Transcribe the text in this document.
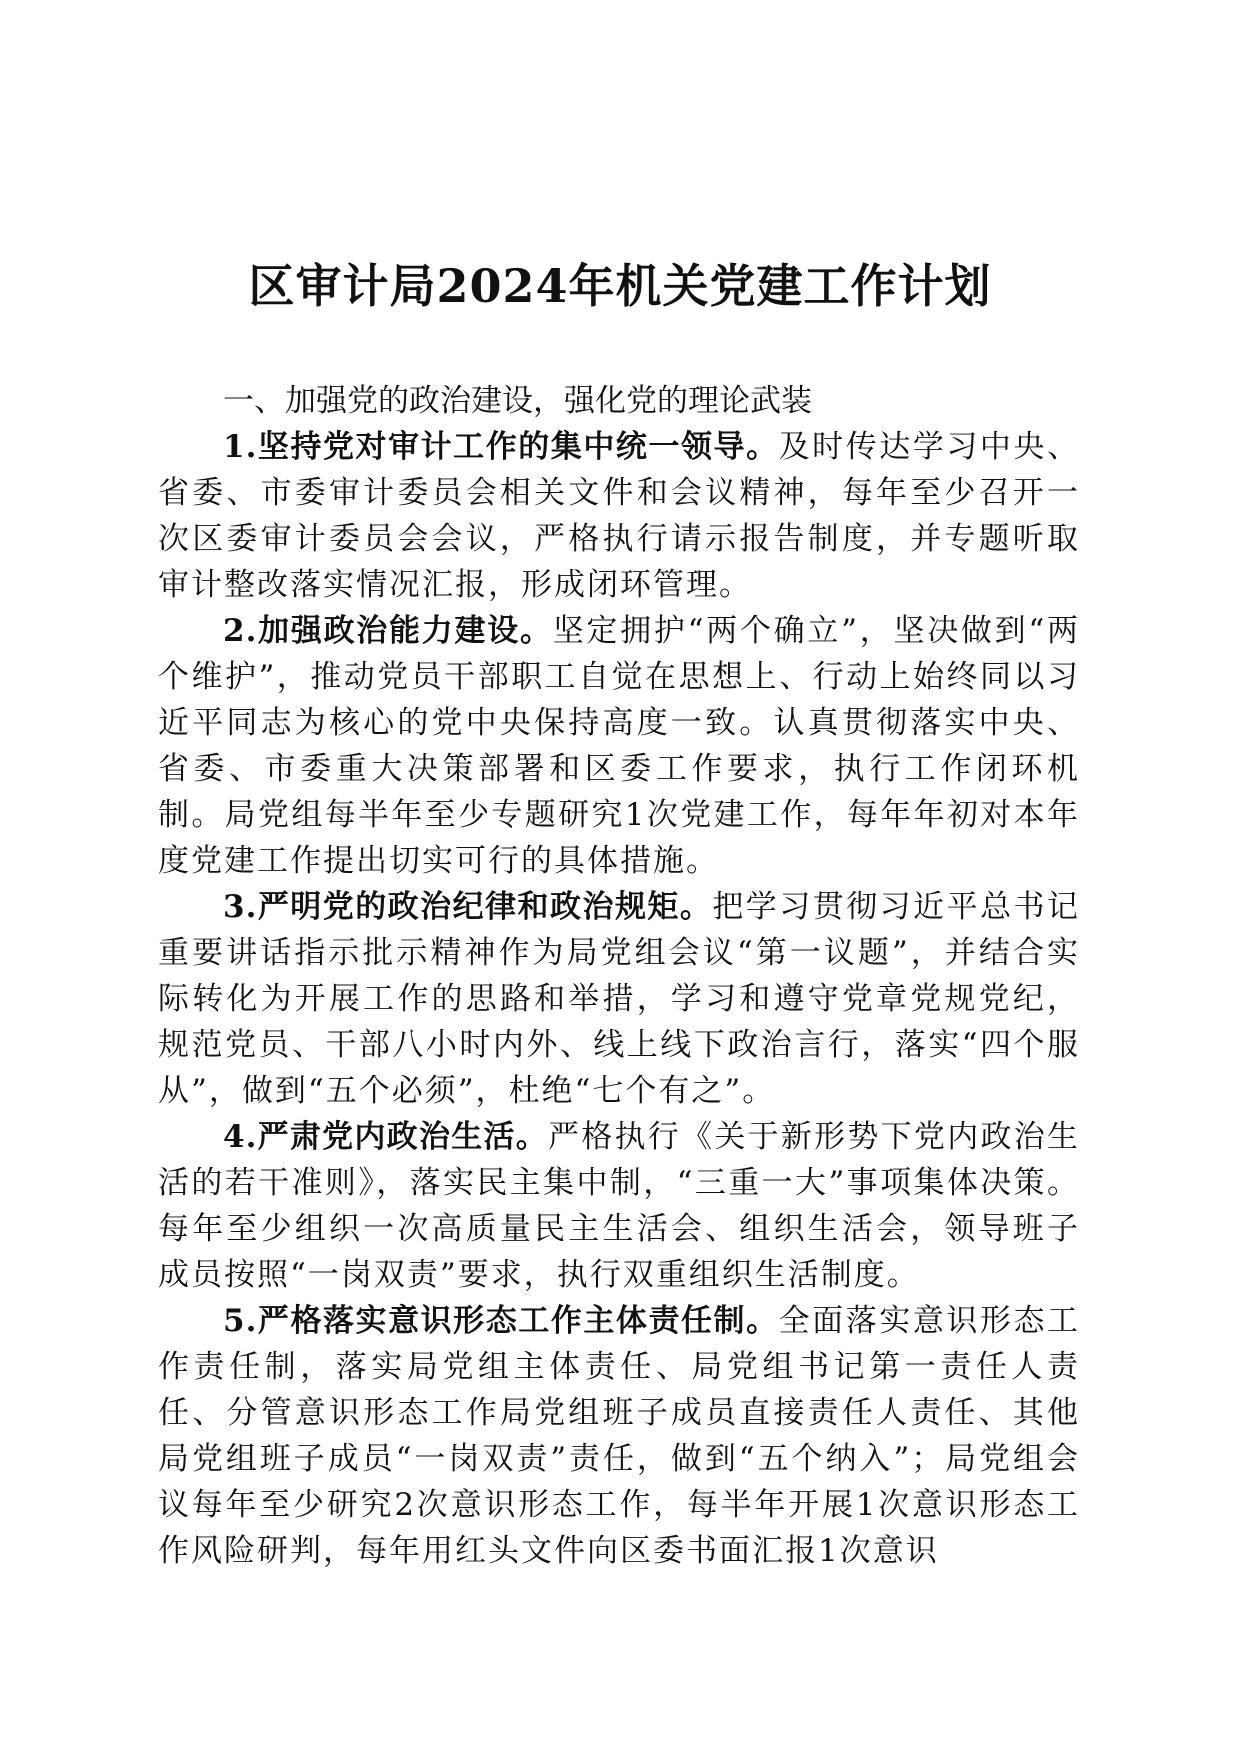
区审计局2024年机关党建工作计划
一、加强党的政治建设，强化党的理论武装

1.坚持党对审计工作的集中统一领导。及时传达学习中央、省委、市委审计委员会相关文件和会议精神，每年至少召开一次区委审计委员会会议，严格执行请示报告制度，并专题听取审计整改落实情况汇报，形成闭环管理。

2.加强政治能力建设。坚定拥护“两个确立”，坚决做到“两个维护”，推动党员干部职工自觉在思想上、行动上始终同以习近平同志为核心的党中央保持高度一致。认真贯彻落实中央、省委、市委重大决策部署和区委工作要求，执行工作闭环机制。局党组每半年至少专题研究1次党建工作，每年年初对本年度党建工作提出切实可行的具体措施。

3.严明党的政治纪律和政治规矩。把学习贯彻习近平总书记重要讲话指示批示精神作为局党组会议“第一议题”，并结合实际转化为开展工作的思路和举措，学习和遵守党章党规党纪，规范党员、干部八小时内外、线上线下政治言行，落实“四个服从”，做到“五个必须”，杜绝“七个有之”。

4.严肃党内政治生活。严格执行《关于新形势下党内政治生活的若干准则》，落实民主集中制，“三重一大”事项集体决策。每年至少组织一次高质量民主生活会、组织生活会，领导班子成员按照“一岗双责”要求，执行双重组织生活制度。

5.严格落实意识形态工作主体责任制。全面落实意识形态工作责任制，落实局党组主体责任、局党组书记第一责任人责任、分管意识形态工作局党组班子成员直接责任人责任、其他局党组班子成员“一岗双责”责任，做到“五个纳入”；局党组会议每年至少研究2次意识形态工作，每半年开展1次意识形态工作风险研判，每年用红头文件向区委书面汇报1次意识
